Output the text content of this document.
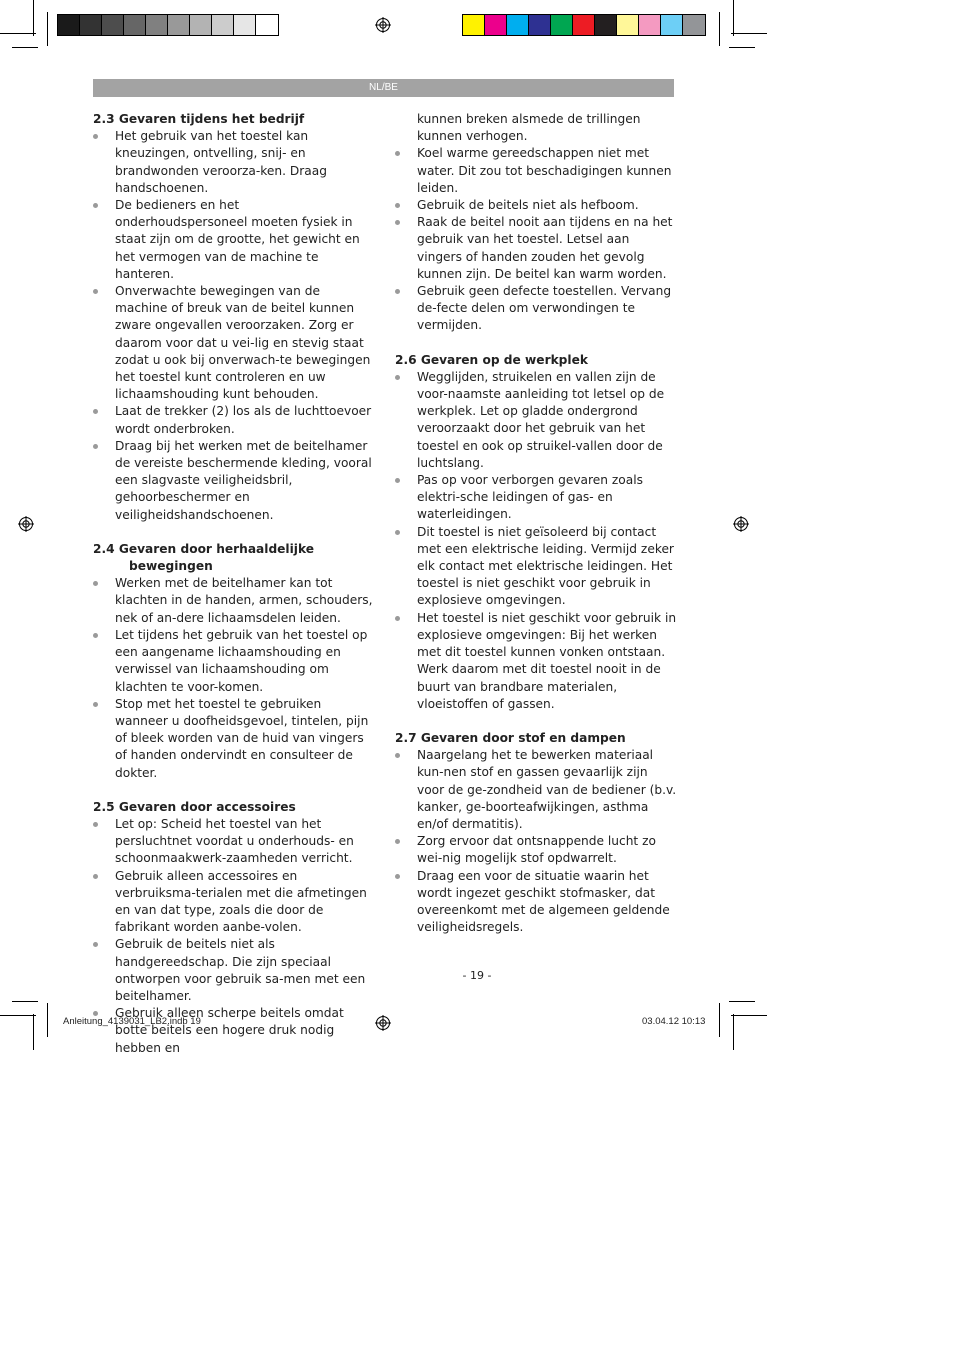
NL/BE

2.3 Gevaren tijdens het bedrijf

Het gebruik van het toestel kan kneuzingen, ontvelling, snij- en brandwonden veroorza-ken. Draag handschoenen.
De bedieners en het onderhoudspersoneel moeten fysiek in staat zijn om de grootte, het gewicht en het vermogen van de machine te hanteren.
Onverwachte bewegingen van de machine of breuk van de beitel kunnen zware ongevallen veroorzaken. Zorg er daarom voor dat u vei-lig en stevig staat zodat u ook bij onverwach-te bewegingen het toestel kunt controleren en uw lichaamshouding kunt behouden.
Laat de trekker (2) los als de luchttoevoer wordt onderbroken.
Draag bij het werken met de beitelhamer de vereiste beschermende kleding, vooral een slagvaste veiligheidsbril, gehoorbeschermer en veiligheidshandschoenen.

2.4 Gevaren door herhaaldelijke
bewegingen

Werken met de beitelhamer kan tot klachten in de handen, armen, schouders, nek of an-dere lichaamsdelen leiden.
Let tijdens het gebruik van het toestel op een aangename lichaamshouding en verwissel van lichaamshouding om klachten te voor-komen.
Stop met het toestel te gebruiken wanneer u doofheidsgevoel, tintelen, pijn of bleek worden van de huid van vingers of handen ondervindt en consulteer de dokter.

2.5 Gevaren door accessoires

Let op: Scheid het toestel van het persluchtnet voordat u onderhouds- en schoonmaakwerk-zaamheden verricht.
Gebruik alleen accessoires en verbruiksma-terialen met die afmetingen en van dat type, zoals die door de fabrikant worden aanbe-volen.
Gebruik de beitels niet als handgereedschap. Die zijn speciaal ontworpen voor gebruik sa-men met een beitelhamer.
Gebruik alleen scherpe beitels omdat botte beitels een hogere druk nodig hebben en
kunnen breken alsmede de trillingen kunnen verhogen.
Koel warme gereedschappen niet met water. Dit zou tot beschadigingen kunnen leiden.
Gebruik de beitels niet als hefboom.
Raak de beitel nooit aan tijdens en na het gebruik van het toestel. Letsel aan vingers of handen zouden het gevolg kunnen zijn. De beitel kan warm worden.
Gebruik geen defecte toestellen. Vervang de-fecte delen om verwondingen te vermijden.

2.6 Gevaren op de werkplek

Wegglijden, struikelen en vallen zijn de voor-naamste aanleiding tot letsel op de werkplek. Let op gladde ondergrond veroorzaakt door het gebruik van het toestel en ook op struikel-vallen door de luchtslang.
Pas op voor verborgen gevaren zoals elektri-sche leidingen of gas- en waterleidingen.
Dit toestel is niet geïsoleerd bij contact met een elektrische leiding. Vermijd zeker elk contact met elektrische leidingen. Het toestel is niet geschikt voor gebruik in explosieve omgevingen.
Het toestel is niet geschikt voor gebruik in explosieve omgevingen: Bij het werken met dit toestel kunnen vonken ontstaan. Werk daarom met dit toestel nooit in de buurt van brandbare materialen, vloeistoffen of gassen.

2.7 Gevaren door stof en dampen

Naargelang het te bewerken materiaal kun-nen stof en gassen gevaarlijk zijn voor de ge-zondheid van de bediener (b.v. kanker, ge-boorteafwijkingen, asthma en/of dermatitis).
Zorg ervoor dat ontsnappende lucht zo wei-nig mogelijk stof opdwarrelt.
Draag een voor de situatie waarin het wordt ingezet geschikt stofmasker, dat overeenkomt met de algemeen geldende veiligheidsregels.
- 19 -
Anleitung_4139031_LB2.indb 19	03.04.12 10:13
